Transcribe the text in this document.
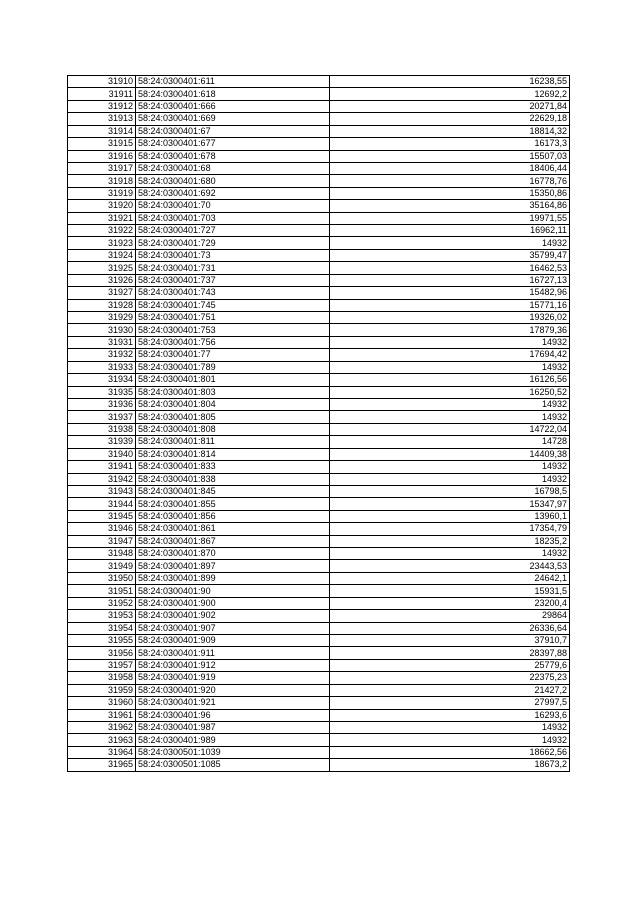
31910	58:24:0300401:611	16238,55
31911	58:24:0300401:618	12692,2
31912	58:24:0300401:666	20271,84
31913	58:24:0300401:669	22629,18
31914	58:24:0300401:67	18814,32
31915	58:24:0300401:677	16173,3
31916	58:24:0300401:678	15507,03
31917	58:24:0300401:68	18406,44
31918	58:24:0300401:680	16778,76
31919	58:24:0300401:692	15350,86
31920	58:24:0300401:70	35164,86
31921	58:24:0300401:703	19971,55
31922	58:24:0300401:727	16962,11
31923	58:24:0300401:729	14932
31924	58:24:0300401:73	35799,47
31925	58:24:0300401:731	16462,53
31926	58:24:0300401:737	16727,13
31927	58:24:0300401:743	15482,96
31928	58:24:0300401:745	15771,16
31929	58:24:0300401:751	19326,02
31930	58:24:0300401:753	17879,36
31931	58:24:0300401:756	14932
31932	58:24:0300401:77	17694,42
31933	58:24:0300401:789	14932
31934	58:24:0300401:801	16126,56
31935	58:24:0300401:803	16250,52
31936	58:24:0300401:804	14932
31937	58:24:0300401:805	14932
31938	58:24:0300401:808	14722,04
31939	58:24:0300401:811	14728
31940	58:24:0300401:814	14409,38
31941	58:24:0300401:833	14932
31942	58:24:0300401:838	14932
31943	58:24:0300401:845	16798,5
31944	58:24:0300401:855	15347,97
31945	58:24:0300401:856	13960,1
31946	58:24:0300401:861	17354,79
31947	58:24:0300401:867	18235,2
31948	58:24:0300401:870	14932
31949	58:24:0300401:897	23443,53
31950	58:24:0300401:899	24642,1
31951	58:24:0300401:90	15931,5
31952	58:24:0300401:900	23200,4
31953	58:24:0300401:902	29864
31954	58:24:0300401:907	26336,64
31955	58:24:0300401:909	37910,7
31956	58:24:0300401:911	28397,88
31957	58:24:0300401:912	25779,6
31958	58:24:0300401:919	22375,23
31959	58:24:0300401:920	21427,2
31960	58:24:0300401:921	27997,5
31961	58:24:0300401:96	16293,6
31962	58:24:0300401:987	14932
31963	58:24:0300401:989	14932
31964	58:24:0300501:1039	18662,56
31965	58:24:0300501:1085	18673,2
